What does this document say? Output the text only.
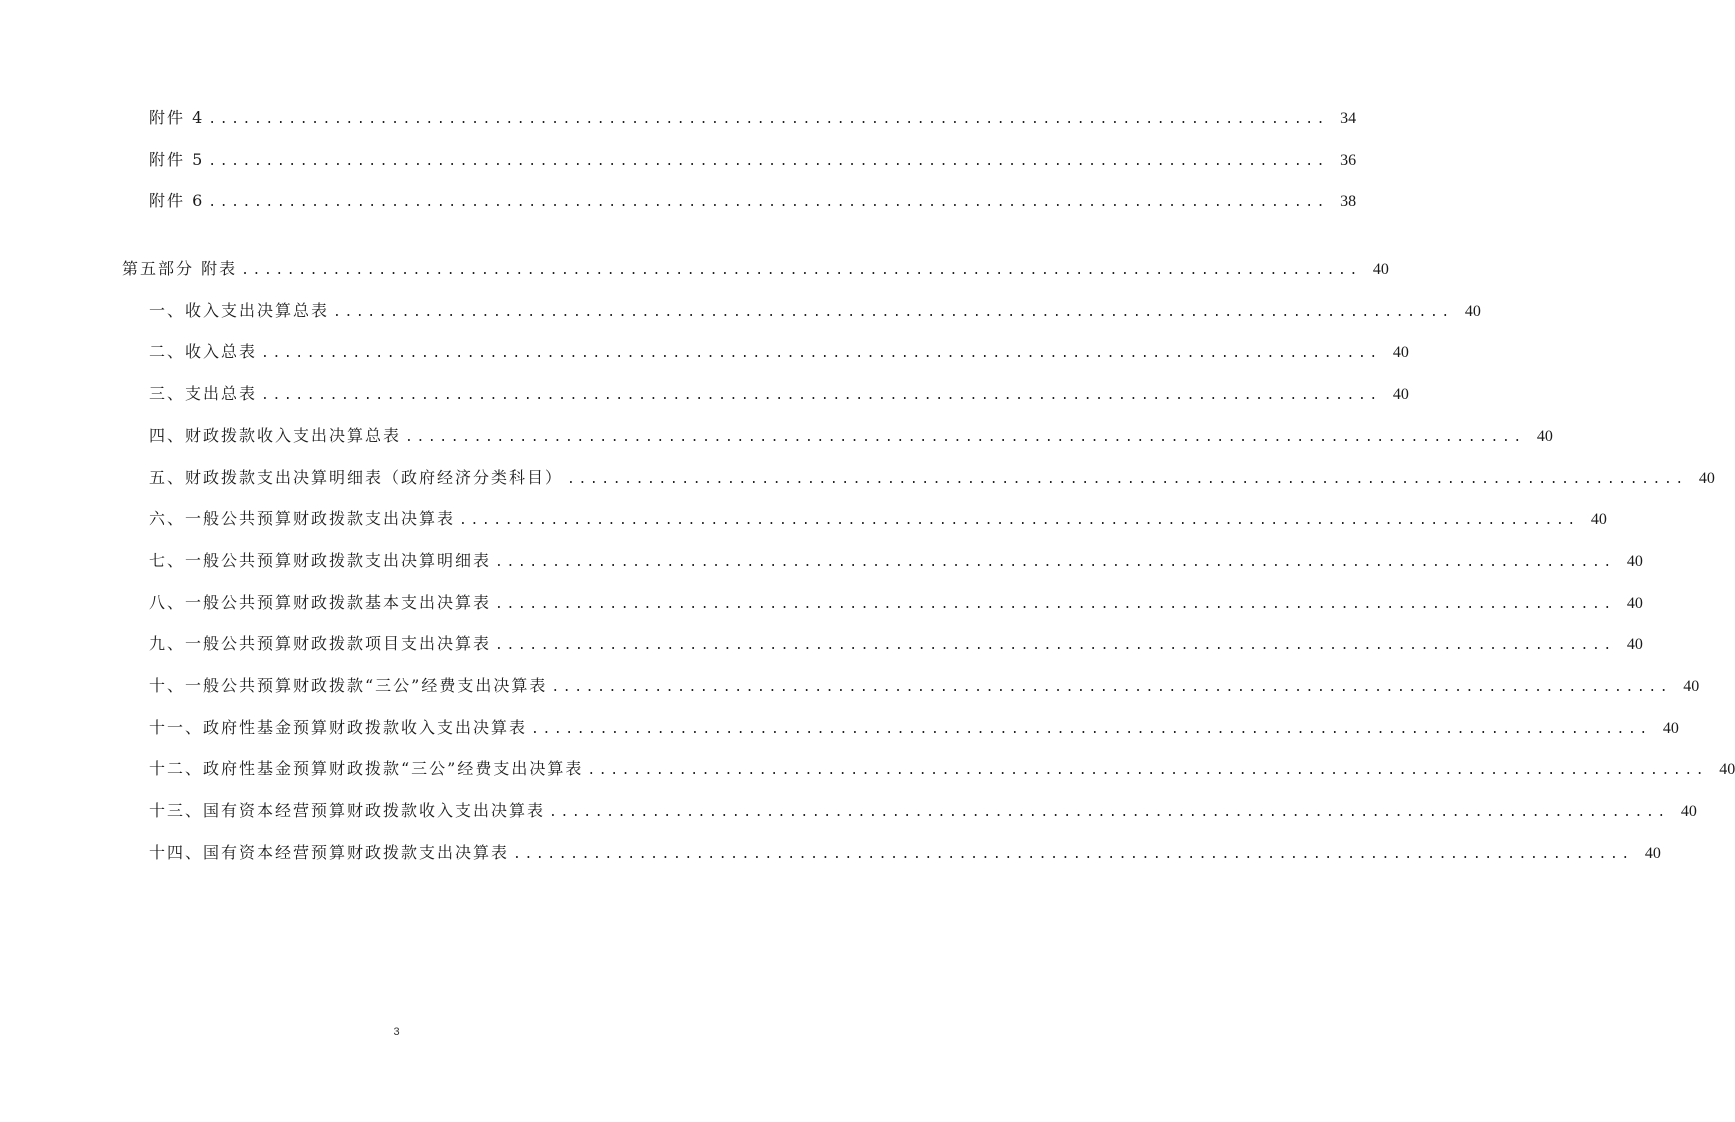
附件 4 .................................................................................................. 34
附件 5 .................................................................................................. 36
附件 6 .................................................................................................. 38
第五部分 附表 .................................................................................................. 40
一、收入支出决算总表 .................................................................................................. 40
二、收入总表 .................................................................................................. 40
三、支出总表 .................................................................................................. 40
四、财政拨款收入支出决算总表 .................................................................................................. 40
五、财政拨款支出决算明细表（政府经济分类科目） .................................................................................................. 40
六、一般公共预算财政拨款支出决算表 .................................................................................................. 40
七、一般公共预算财政拨款支出决算明细表 .................................................................................................. 40
八、一般公共预算财政拨款基本支出决算表 .................................................................................................. 40
九、一般公共预算财政拨款项目支出决算表 .................................................................................................. 40
十、一般公共预算财政拨款“三公”经费支出决算表 .................................................................................................. 40
十一、政府性基金预算财政拨款收入支出决算表 .................................................................................................. 40
十二、政府性基金预算财政拨款“三公”经费支出决算表 .................................................................................................. 40
十三、国有资本经营预算财政拨款收入支出决算表 .................................................................................................. 40
十四、国有资本经营预算财政拨款支出决算表 .................................................................................................. 40
3
